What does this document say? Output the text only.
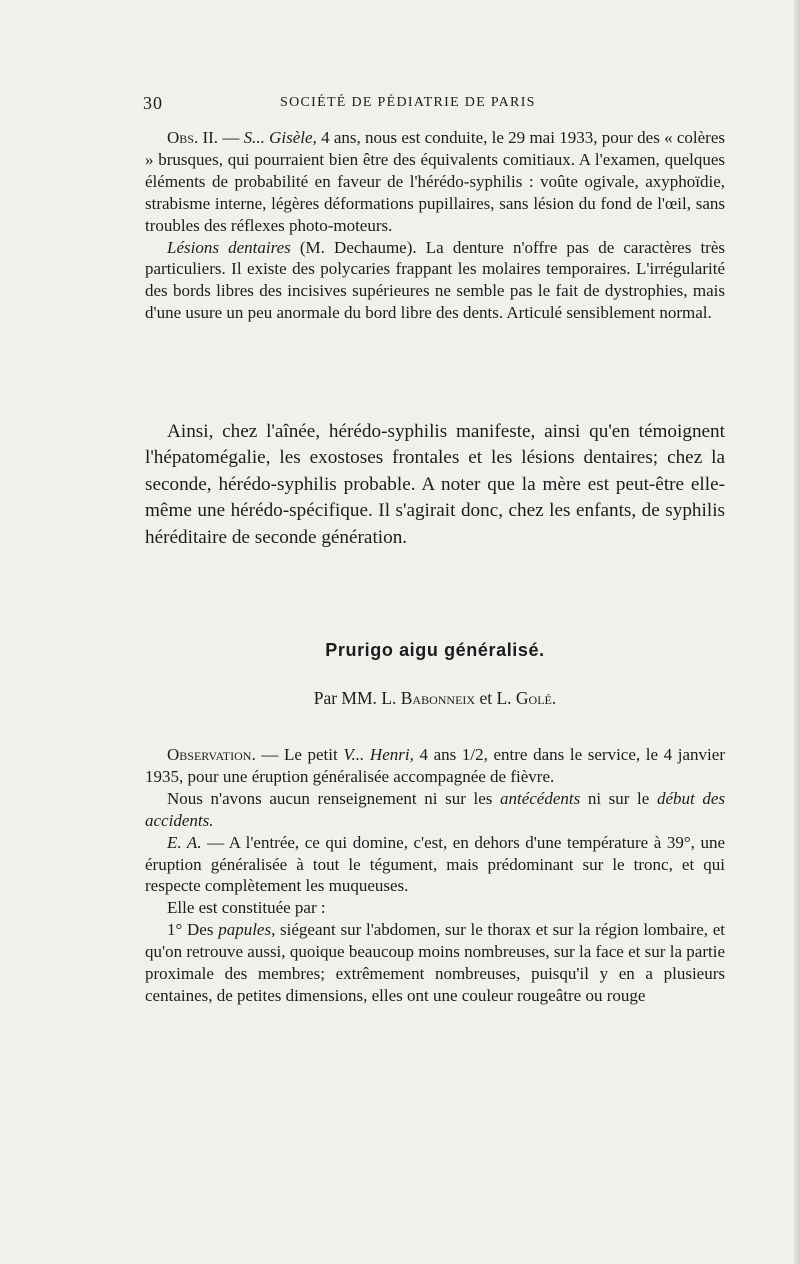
30	SOCIÉTÉ DE PÉDIATRIE DE PARIS

Obs. II. — S... Gisèle, 4 ans, nous est conduite, le 29 mai 1933, pour des « colères » brusques, qui pourraient bien être des équivalents comitiaux. A l'examen, quelques éléments de probabilité en faveur de l'hérédo-syphilis : voûte ogivale, axyphoïdie, strabisme interne, légères déformations pupillaires, sans lésion du fond de l'œil, sans troubles des réflexes photo-moteurs.

Lésions dentaires (M. Dechaume). La denture n'offre pas de caractères très particuliers. Il existe des polycaries frappant les molaires temporaires. L'irrégularité des bords libres des incisives supérieures ne semble pas le fait de dystrophies, mais d'une usure un peu anormale du bord libre des dents. Articulé sensiblement normal.

Ainsi, chez l'aînée, hérédo-syphilis manifeste, ainsi qu'en témoignent l'hépatomégalie, les exostoses frontales et les lésions dentaires; chez la seconde, hérédo-syphilis probable. A noter que la mère est peut-être elle-même une hérédo-spécifique. Il s'agirait donc, chez les enfants, de syphilis héréditaire de seconde génération.

Prurigo aigu généralisé.
Par MM. L. Babonneix et L. Golé.

Observation. — Le petit V... Henri, 4 ans 1/2, entre dans le service, le 4 janvier 1935, pour une éruption généralisée accompagnée de fièvre.

Nous n'avons aucun renseignement ni sur les antécédents ni sur le début des accidents.

E. A. — A l'entrée, ce qui domine, c'est, en dehors d'une température à 39°, une éruption généralisée à tout le tégument, mais prédominant sur le tronc, et qui respecte complètement les muqueuses.

Elle est constituée par :

1° Des papules, siégeant sur l'abdomen, sur le thorax et sur la région lombaire, et qu'on retrouve aussi, quoique beaucoup moins nombreuses, sur la face et sur la partie proximale des membres; extrêmement nombreuses, puisqu'il y en a plusieurs centaines, de petites dimensions, elles ont une couleur rougeâtre ou rouge
